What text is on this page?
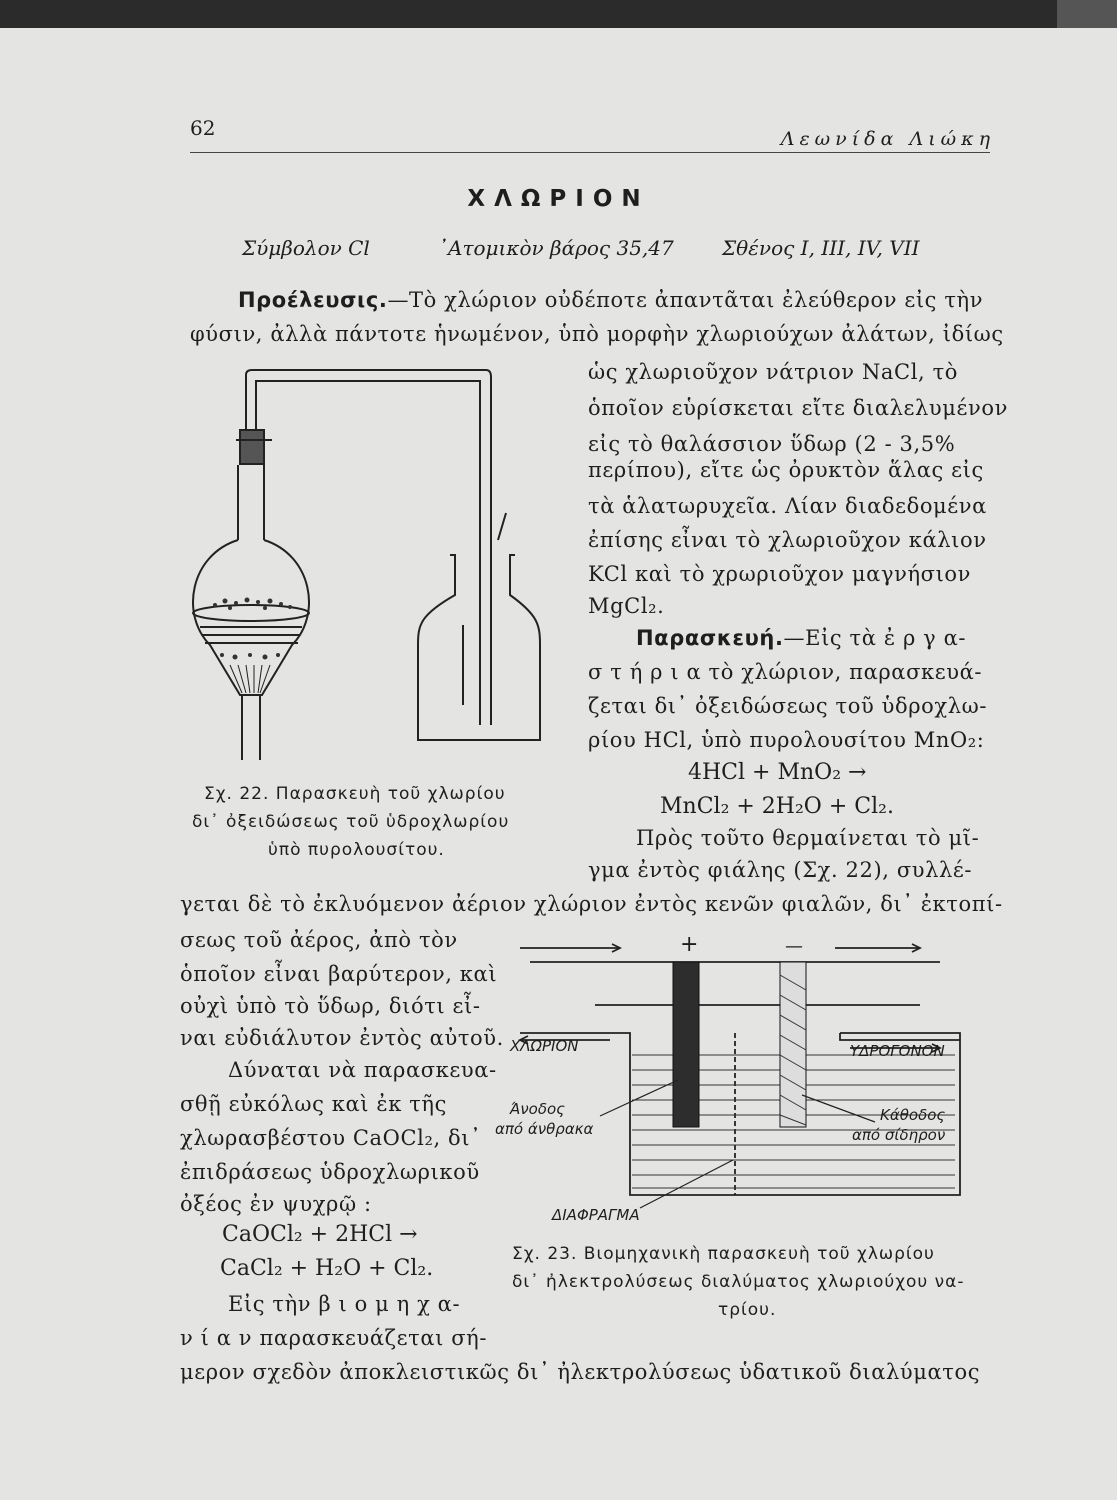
62	Λεωνίδα Λιώκη
ΧΛΩΡΙΟΝ
Σύμβολον Cl	᾿Ατομικὸν βάρος 35,47 Σθένος I, III, IV, VII
Προέλευσις.—Τὸ χλώριον οὐδέποτε ἀπαντᾶται ἐλεύθερον εἰς τὴν
φύσιν, ἀλλὰ πάντοτε ἡνωμένον, ὑπὸ μορφὴν χλωριούχων ἀλάτων, ἰδίως
ὡς χλωριοῦχον νάτριον NaCl, τὸ
ὁποῖον εὑρίσκεται εἴτε διαλελυμένον
εἰς τὸ θαλάσσιον ὕδωρ (2 - 3,5%
περίπου), εἴτε ὡς ὀρυκτὸν ἅλας εἰς
τὰ ἁλατωρυχεῖα. Λίαν διαδεδομένα
ἐπίσης εἶναι τὸ χλωριοῦχον κάλιον
KCl καὶ τὸ χρωριοῦχον μαγνήσιον
MgCl₂.
Παρασκευή.—Εἰς τὰ ἐ ρ γ α-
σ τ ή ρ ι α τὸ χλώριον, παρασκευά-
ζεται δι᾿ ὀξειδώσεως τοῦ ὑδροχλω-
ρίου HCl, ὑπὸ πυρολουσίτου MnO₂:
4HCl + MnO₂ →
MnCl₂ + 2H₂O + Cl₂.
Πρὸς τοῦτο θερμαίνεται τὸ μῖ-
γμα ἐντὸς φιάλης (Σχ. 22), συλλέ-
γεται δὲ τὸ ἐκλυόμενον ἀέριον χλώριον ἐντὸς κενῶν φιαλῶν, δι᾿ ἐκτοπί-
σεως τοῦ ἀέρος, ἀπὸ τὸν
ὁποῖον εἶναι βαρύτερον, καὶ
οὐχὶ ὑπὸ τὸ ὕδωρ, διότι εἶ-
ναι εὐδιάλυτον ἐντὸς αὐτοῦ.
Δύναται νὰ παρασκευα-
σθῇ εὐκόλως καὶ ἐκ τῆς
χλωρασβέστου CaOCl₂, δι᾿
ἐπιδράσεως ὑδροχλωρικοῦ
ὀξέος ἐν ψυχρῷ :
CaOCl₂ + 2HCl →
CaCl₂ + H₂O + Cl₂.
Εἰς τὴν β ι ο μ η χ α-
ν ί α ν παρασκευάζεται σή-
μερον σχεδὸν ἀποκλειστικῶς δι᾿ ἠλεκτρολύσεως ὑδατικοῦ διαλύματος
Σχ. 22. Παρασκευὴ τοῦ χλωρίου
δι᾿ ὀξειδώσεως τοῦ ὑδροχλωρίου
ὑπὸ πυρολουσίτου.
+	—
ΧΛΩΡΙΟΝ	ΥΔΡΟΓΟΝΟΝ
Άνοδος
από άνθρακα
Κάθοδος
από σίδηρον
ΔΙΑΦΡΑΓΜΑ
Σχ. 23. Βιομηχανικὴ παρασκευὴ τοῦ χλωρίου
δι᾿ ἠλεκτρολύσεως διαλύματος χλωριούχου να-
τρίου.
